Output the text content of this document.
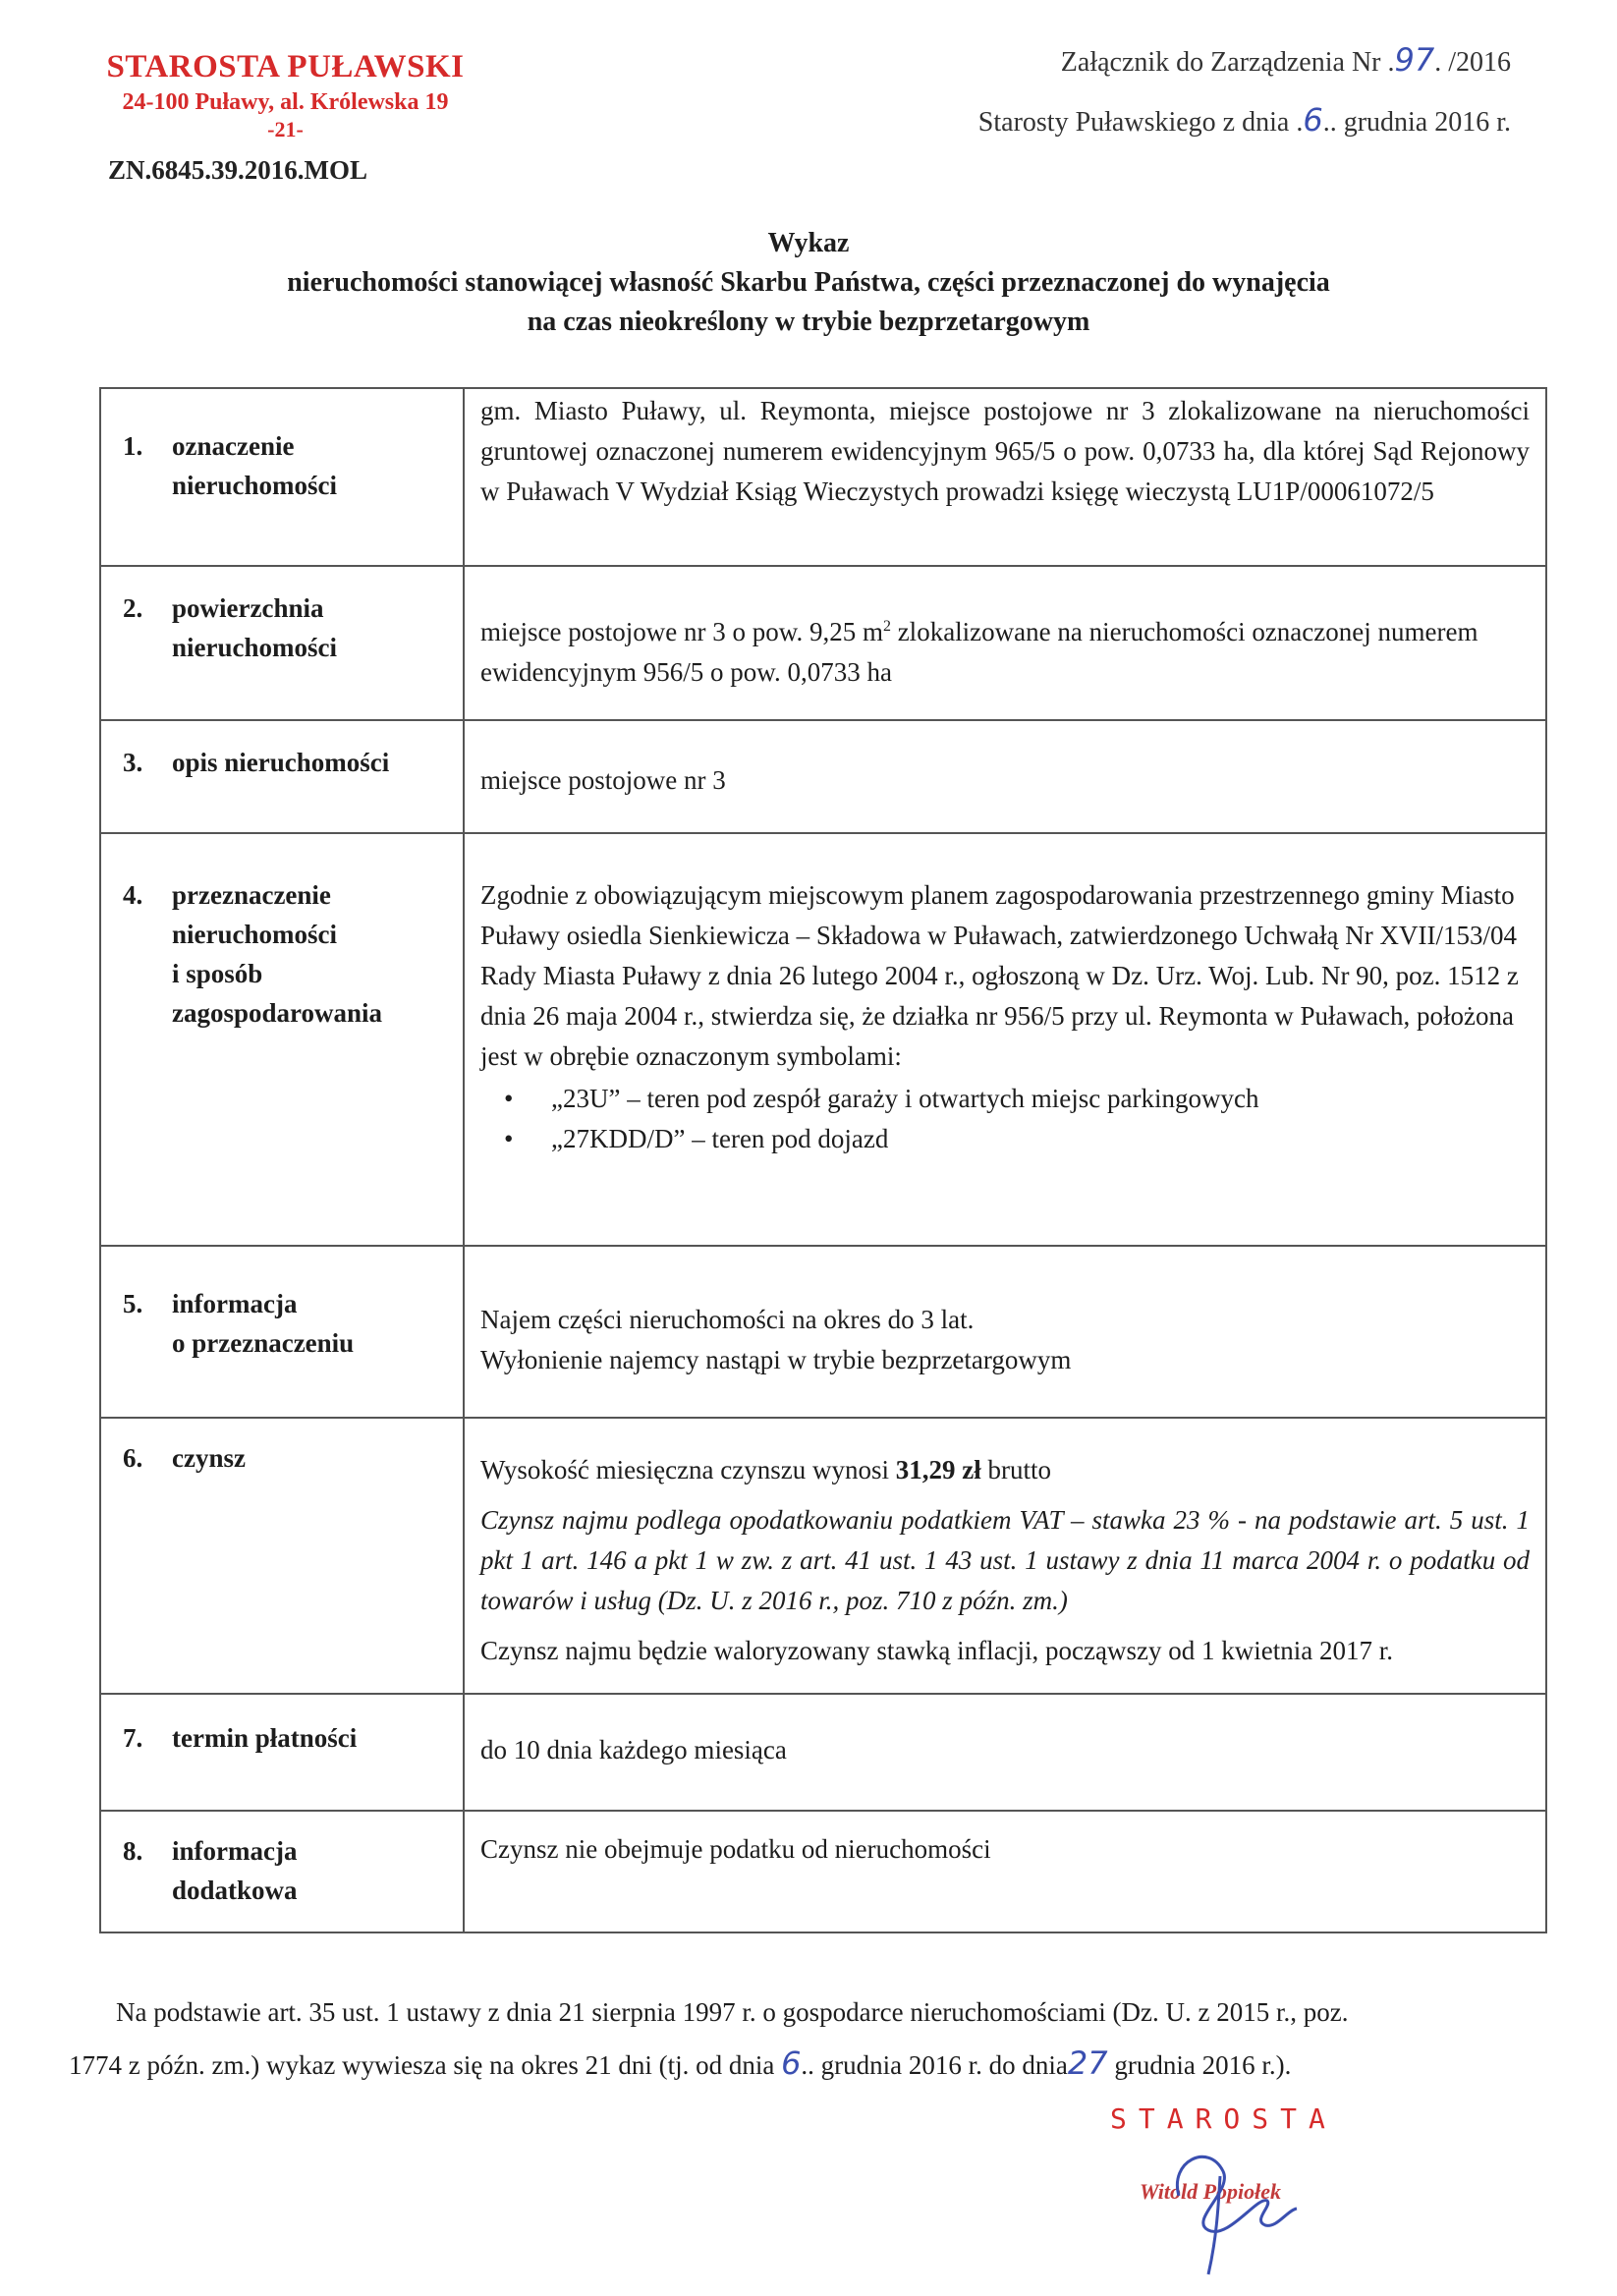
STAROSTA PUŁAWSKI
24-100 Puławy, al. Królewska 19
-21-
ZN.6845.39.2016.MOL
Załącznik do Zarządzenia Nr .97. /2016
Starosty Puławskiego z dnia .6.. grudnia 2016 r.
Wykaz
nieruchomości stanowiącej własność Skarbu Państwa, części przeznaczonej do wynajęcia
na czas nieokreślony w trybie bezprzetargowym
1. oznaczenie
nieruchomości
gm. Miasto Puławy, ul. Reymonta, miejsce postojowe nr 3 zlokalizowane na nieruchomości gruntowej oznaczonej numerem ewidencyjnym 965/5 o pow. 0,0733 ha, dla której Sąd Rejonowy w Puławach V Wydział Ksiąg Wieczystych prowadzi księgę wieczystą LU1P/00061072/5
2. powierzchnia
nieruchomości
miejsce postojowe nr 3 o pow. 9,25 $m^2$ zlokalizowane na nieruchomości oznaczonej numerem ewidencyjnym 956/5 o pow. 0,0733 ha
3. opis nieruchomości
miejsce postojowe nr 3
4. przeznaczenie
nieruchomości
i sposób
zagospodarowania
Zgodnie z obowiązującym miejscowym planem zagospodarowania przestrzennego gminy Miasto Puławy osiedla Sienkiewicza – Składowa w Puławach, zatwierdzonego Uchwałą Nr XVII/153/04 Rady Miasta Puławy z dnia 26 lutego 2004 r., ogłoszoną w Dz. Urz. Woj. Lub. Nr 90, poz. 1512 z dnia 26 maja 2004 r., stwierdza się, że działka nr 956/5 przy ul. Reymonta w Puławach, położona jest w obrębie oznaczonym symbolami:
• „23U” – teren pod zespół garaży i otwartych miejsc parkingowych
• „27KDD/D” – teren pod dojazd
5. informacja
o przeznaczeniu
Najem części nieruchomości na okres do 3 lat.
Wyłonienie najemcy nastąpi w trybie bezprzetargowym
6. czynsz	Wysokość miesięczna czynszu wynosi 31,29 zł brutto
Czynsz najmu podlega opodatkowaniu podatkiem VAT – stawka 23 % - na podstawie art. 5 ust. 1 pkt 1 art. 146 a pkt 1 w zw. z art. 41 ust. 1 43 ust. 1 ustawy z dnia 11 marca 2004 r. o podatku od towarów i usług (Dz. U. z 2016 r., poz. 710 z późn. zm.)
Czynsz najmu będzie waloryzowany stawką inflacji, począwszy od 1 kwietnia 2017 r.
7. termin płatności	do 10 dnia każdego miesiąca
8. informacja
dodatkowa
Czynsz nie obejmuje podatku od nieruchomości
Na podstawie art. 35 ust. 1 ustawy z dnia 21 sierpnia 1997 r. o gospodarce nieruchomościami (Dz. U. z 2015 r., poz.
1774 z późn. zm.) wykaz wywiesza się na okres 21 dni (tj. od dnia 6.. grudnia 2016 r. do dnia27 grudnia 2016 r.).
STAROSTA
Witold Popiołek
